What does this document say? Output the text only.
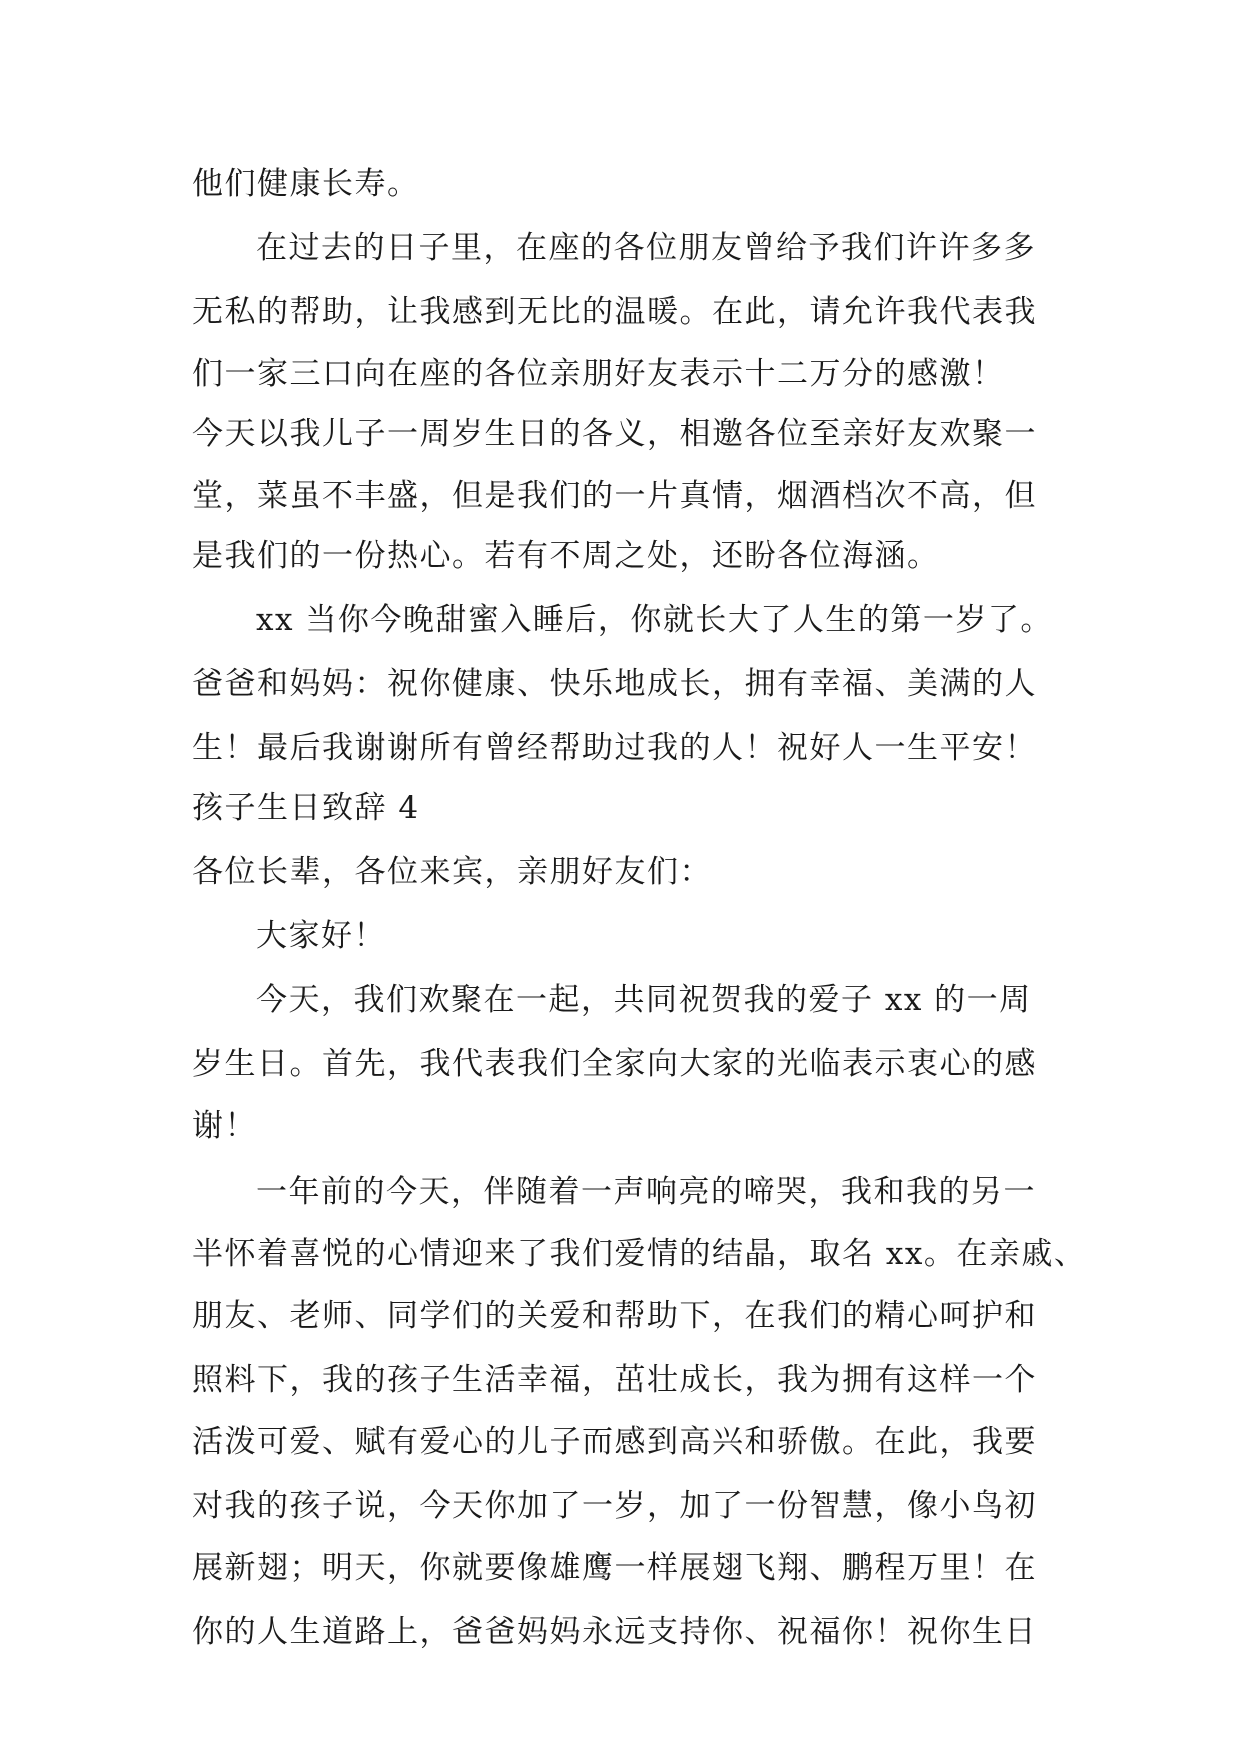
他们健康长寿。

在过去的日子里，在座的各位朋友曾给予我们许许多多

无私的帮助，让我感到无比的温暖。在此，请允许我代表我

们一家三口向在座的各位亲朋好友表示十二万分的感激！

今天以我儿子一周岁生日的各义，相邀各位至亲好友欢聚一

堂，菜虽不丰盛，但是我们的一片真情，烟酒档次不高，但

是我们的一份热心。若有不周之处，还盼各位海涵。

xx 当你今晚甜蜜入睡后，你就长大了人生的第一岁了。

爸爸和妈妈：祝你健康、快乐地成长，拥有幸福、美满的人

生！最后我谢谢所有曾经帮助过我的人！祝好人一生平安！

孩子生日致辞 4

各位长辈，各位来宾，亲朋好友们：

大家好！

今天，我们欢聚在一起，共同祝贺我的爱子 xx 的一周

岁生日。首先，我代表我们全家向大家的光临表示衷心的感

谢！

一年前的今天，伴随着一声响亮的啼哭，我和我的另一

半怀着喜悦的心情迎来了我们爱情的结晶，取名 xx。在亲戚、

朋友、老师、同学们的关爱和帮助下，在我们的精心呵护和

照料下，我的孩子生活幸福，茁壮成长，我为拥有这样一个

活泼可爱、赋有爱心的儿子而感到高兴和骄傲。在此，我要

对我的孩子说，今天你加了一岁，加了一份智慧，像小鸟初

展新翅；明天，你就要像雄鹰一样展翅飞翔、鹏程万里！在

你的人生道路上，爸爸妈妈永远支持你、祝福你！祝你生日
